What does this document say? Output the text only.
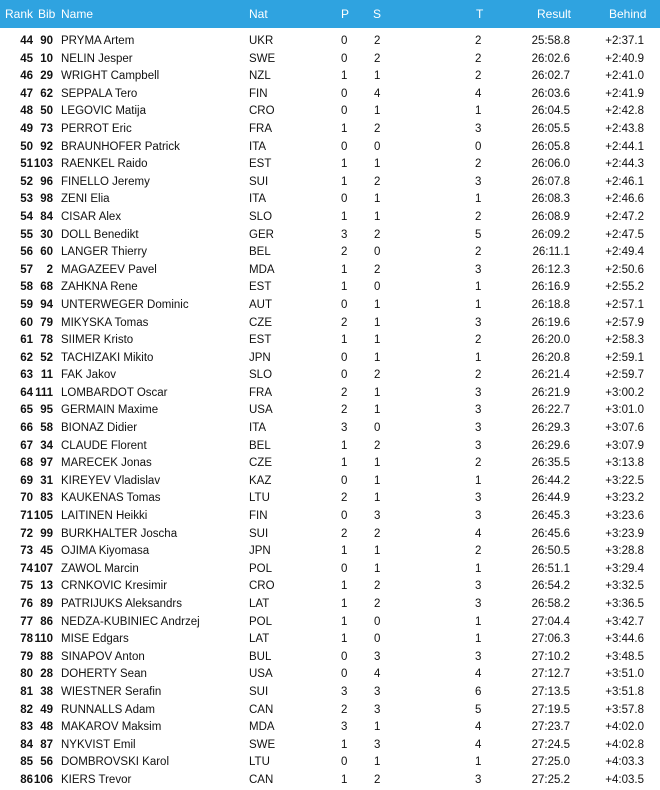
Rank Bib Name	Nat	P S	T	Result	Behind
44 90 PRYMA Artem	UKR	0 2	2	25:58.8	+2:37.1
45 10 NELIN Jesper	SWE	0 2	2	26:02.6	+2:40.9
46 29 WRIGHT Campbell	NZL	1 1	2	26:02.7	+2:41.0
47 62 SEPPALA Tero	FIN	0 4	4	26:03.6	+2:41.9
48 50 LEGOVIC Matija	CRO	0 1	1	26:04.5	+2:42.8
49 73 PERROT Eric	FRA	1 2	3	26:05.5	+2:43.8
50 92 BRAUNHOFER Patrick	ITA	0 0	0	26:05.8	+2:44.1
51 103 RAENKEL Raido	EST	1 1	2	26:06.0	+2:44.3
52 96 FINELLO Jeremy	SUI	1 2	3	26:07.8	+2:46.1
53 98 ZENI Elia	ITA	0 1	1	26:08.3	+2:46.6
54 84 CISAR Alex	SLO	1 1	2	26:08.9	+2:47.2
55 30 DOLL Benedikt	GER	3 2	5	26:09.2	+2:47.5
56 60 LANGER Thierry	BEL	2 0	2	26:11.1	+2:49.4
57	2 MAGAZEEV Pavel	MDA	1 2	3	26:12.3	+2:50.6
58 68 ZAHKNA Rene	EST	1 0	1	26:16.9	+2:55.2
59 94 UNTERWEGER Dominic	AUT	0 1	1	26:18.8	+2:57.1
60 79 MIKYSKA Tomas	CZE	2 1	3	26:19.6	+2:57.9
61 78 SIIMER Kristo	EST	1 1	2	26:20.0	+2:58.3
62 52 TACHIZAKI Mikito	JPN	0 1	1	26:20.8	+2:59.1
63 11 FAK Jakov	SLO	0 2	2	26:21.4	+2:59.7
64 111 LOMBARDOT Oscar	FRA	2 1	3	26:21.9	+3:00.2
65 95 GERMAIN Maxime	USA	2 1	3	26:22.7	+3:01.0
66 58 BIONAZ Didier	ITA	3 0	3	26:29.3	+3:07.6
67 34 CLAUDE Florent	BEL	1 2	3	26:29.6	+3:07.9
68 97 MARECEK Jonas	CZE	1 1	2	26:35.5	+3:13.8
69 31 KIREYEV Vladislav	KAZ	0 1	1	26:44.2	+3:22.5
70 83 KAUKENAS Tomas	LTU	2 1	3	26:44.9	+3:23.2
71 105 LAITINEN Heikki	FIN	0 3	3	26:45.3	+3:23.6
72 99 BURKHALTER Joscha	SUI	2 2	4	26:45.6	+3:23.9
73 45 OJIMA Kiyomasa	JPN	1 1	2	26:50.5	+3:28.8
74 107 ZAWOL Marcin	POL	0 1	1	26:51.1	+3:29.4
75 13 CRNKOVIC Kresimir	CRO	1 2	3	26:54.2	+3:32.5
76 89 PATRIJUKS Aleksandrs	LAT	1 2	3	26:58.2	+3:36.5
77 86 NEDZA-KUBINIEC Andrzej	POL	1 0	1	27:04.4	+3:42.7
78 110 MISE Edgars	LAT	1 0	1	27:06.3	+3:44.6
79 88 SINAPOV Anton	BUL	0 3	3	27:10.2	+3:48.5
80 28 DOHERTY Sean	USA	0 4	4	27:12.7	+3:51.0
81 38 WIESTNER Serafin	SUI	3 3	6	27:13.5	+3:51.8
82 49 RUNNALLS Adam	CAN	2 3	5	27:19.5	+3:57.8
83 48 MAKAROV Maksim	MDA	3 1	4	27:23.7	+4:02.0
84 87 NYKVIST Emil	SWE	1 3	4	27:24.5	+4:02.8
85 56 DOMBROVSKI Karol	LTU	0 1	1	27:25.0	+4:03.3
86 106 KIERS Trevor	CAN	1 2	3	27:25.2	+4:03.5
